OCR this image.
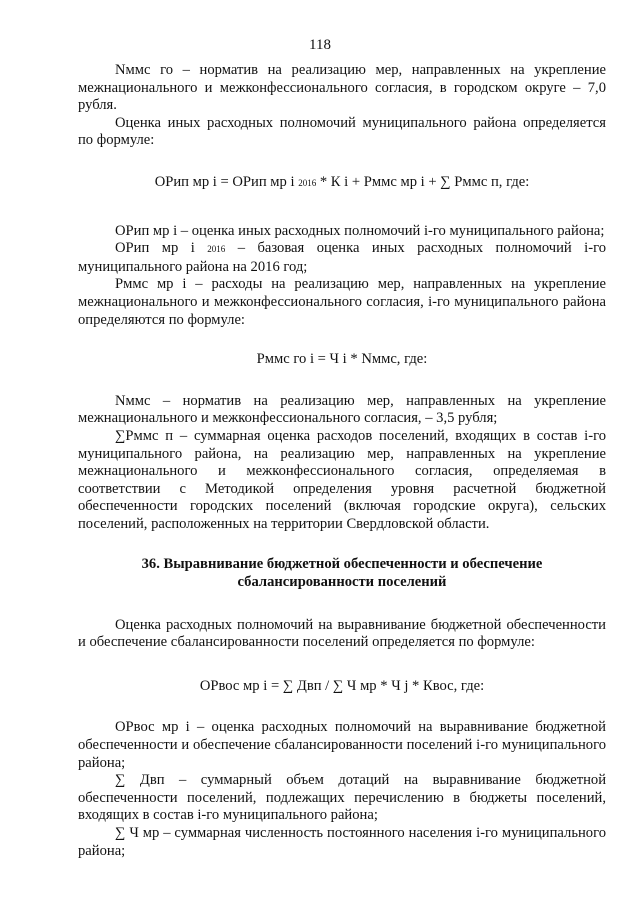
118

Nммс го – норматив на реализацию мер, направленных на укрепление межнационального и межконфессионального согласия, в городском округе – 7,0 рубля.

Оценка иных расходных полномочий муниципального района определяется по формуле:

ОРип мр i = ОРип мр i 2016 * К i + Рммс мр i + ∑ Рммс п, где:

ОРип мр i – оценка иных расходных полномочий i-го муниципального района;

ОРип мр i 2016 – базовая оценка иных расходных полномочий i-го муниципального района на 2016 год;

Рммс мр i – расходы на реализацию мер, направленных на укрепление межнационального и межконфессионального согласия, i-го муниципального района определяются по формуле:

Рммс го i = Ч i * Nммс, где:

Nммс – норматив на реализацию мер, направленных на укрепление межнационального и межконфессионального согласия, – 3,5 рубля;

∑Рммс п – суммарная оценка расходов поселений, входящих в состав i-го муниципального района, на реализацию мер, направленных на укрепление межнационального и межконфессионального согласия, определяемая в соответствии с Методикой определения уровня расчетной бюджетной обеспеченности городских поселений (включая городские округа), сельских поселений, расположенных на территории Свердловской области.

36. Выравнивание бюджетной обеспеченности и обеспечение сбалансированности поселений

Оценка расходных полномочий на выравнивание бюджетной обеспеченности и обеспечение сбалансированности поселений определяется по формуле:

ОРвос мр i = ∑ Двп / ∑ Ч мр * Ч j * Квос, где:

ОРвос мр i – оценка расходных полномочий на выравнивание бюджетной обеспеченности и обеспечение сбалансированности поселений i-го муниципального района;

∑ Двп – суммарный объем дотаций на выравнивание бюджетной обеспеченности поселений, подлежащих перечислению в бюджеты поселений, входящих в состав i-го муниципального района;

∑ Ч мр – суммарная численность постоянного населения i-го муниципального района;
